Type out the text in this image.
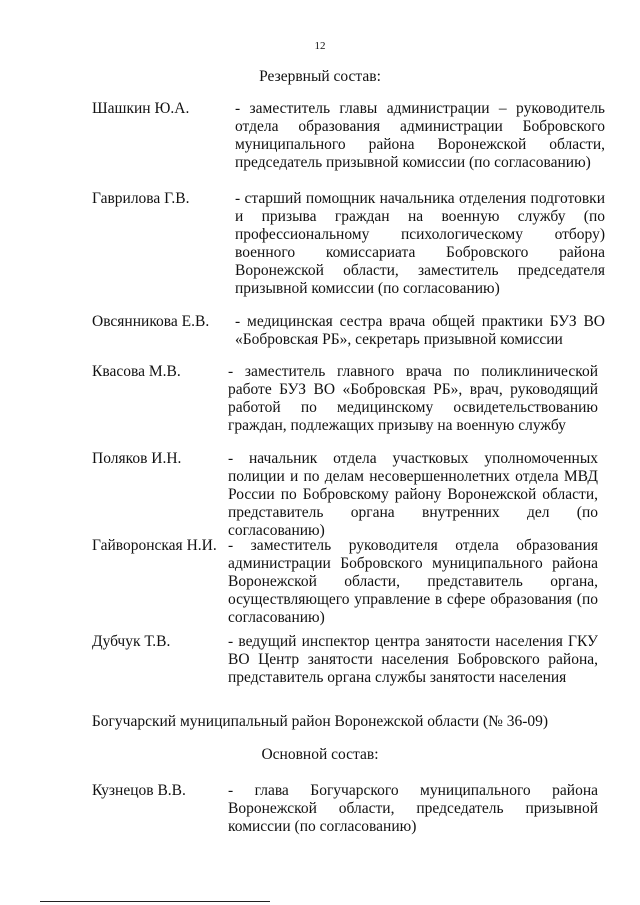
12
Резервный состав:
Шашкин Ю.А.	- заместитель главы администрации – руководитель отдела образования администрации Бобровского муниципального района Воронежской области, председатель призывной комиссии (по согласованию)
Гаврилова Г.В.	- старший помощник начальника отделения подготовки и призыва граждан на военную службу (по профессиональному психологическому отбору) военного комиссариата Бобровского района Воронежской области, заместитель председателя призывной комиссии (по согласованию)
Овсянникова Е.В. - медицинская сестра врача общей практики БУЗ ВО «Бобровская РБ», секретарь призывной комиссии
Квасова М.В.	- заместитель главного врача по поликлинической работе БУЗ ВО «Бобровская РБ», врач, руководящий работой по медицинскому освидетельствованию граждан, подлежащих призыву на военную службу
Поляков И.Н.	- начальник отдела участковых уполномоченных полиции и по делам несовершеннолетних отдела МВД России по Бобровскому району Воронежской области, представитель органа внутренних дел (по согласованию)
Гайворонская Н.И. - заместитель руководителя отдела образования администрации Бобровского муниципального района Воронежской области, представитель органа, осуществляющего управление в сфере образования (по согласованию)
Дубчук Т.В.	- ведущий инспектор центра занятости населения ГКУ ВО Центр занятости населения Бобровского района, представитель органа службы занятости населения
Богучарский муниципальный район Воронежской области (№ 36-09)
Основной состав:
Кузнецов В.В.	- глава Богучарского муниципального района Воронежской области, председатель призывной комиссии (по согласованию)
